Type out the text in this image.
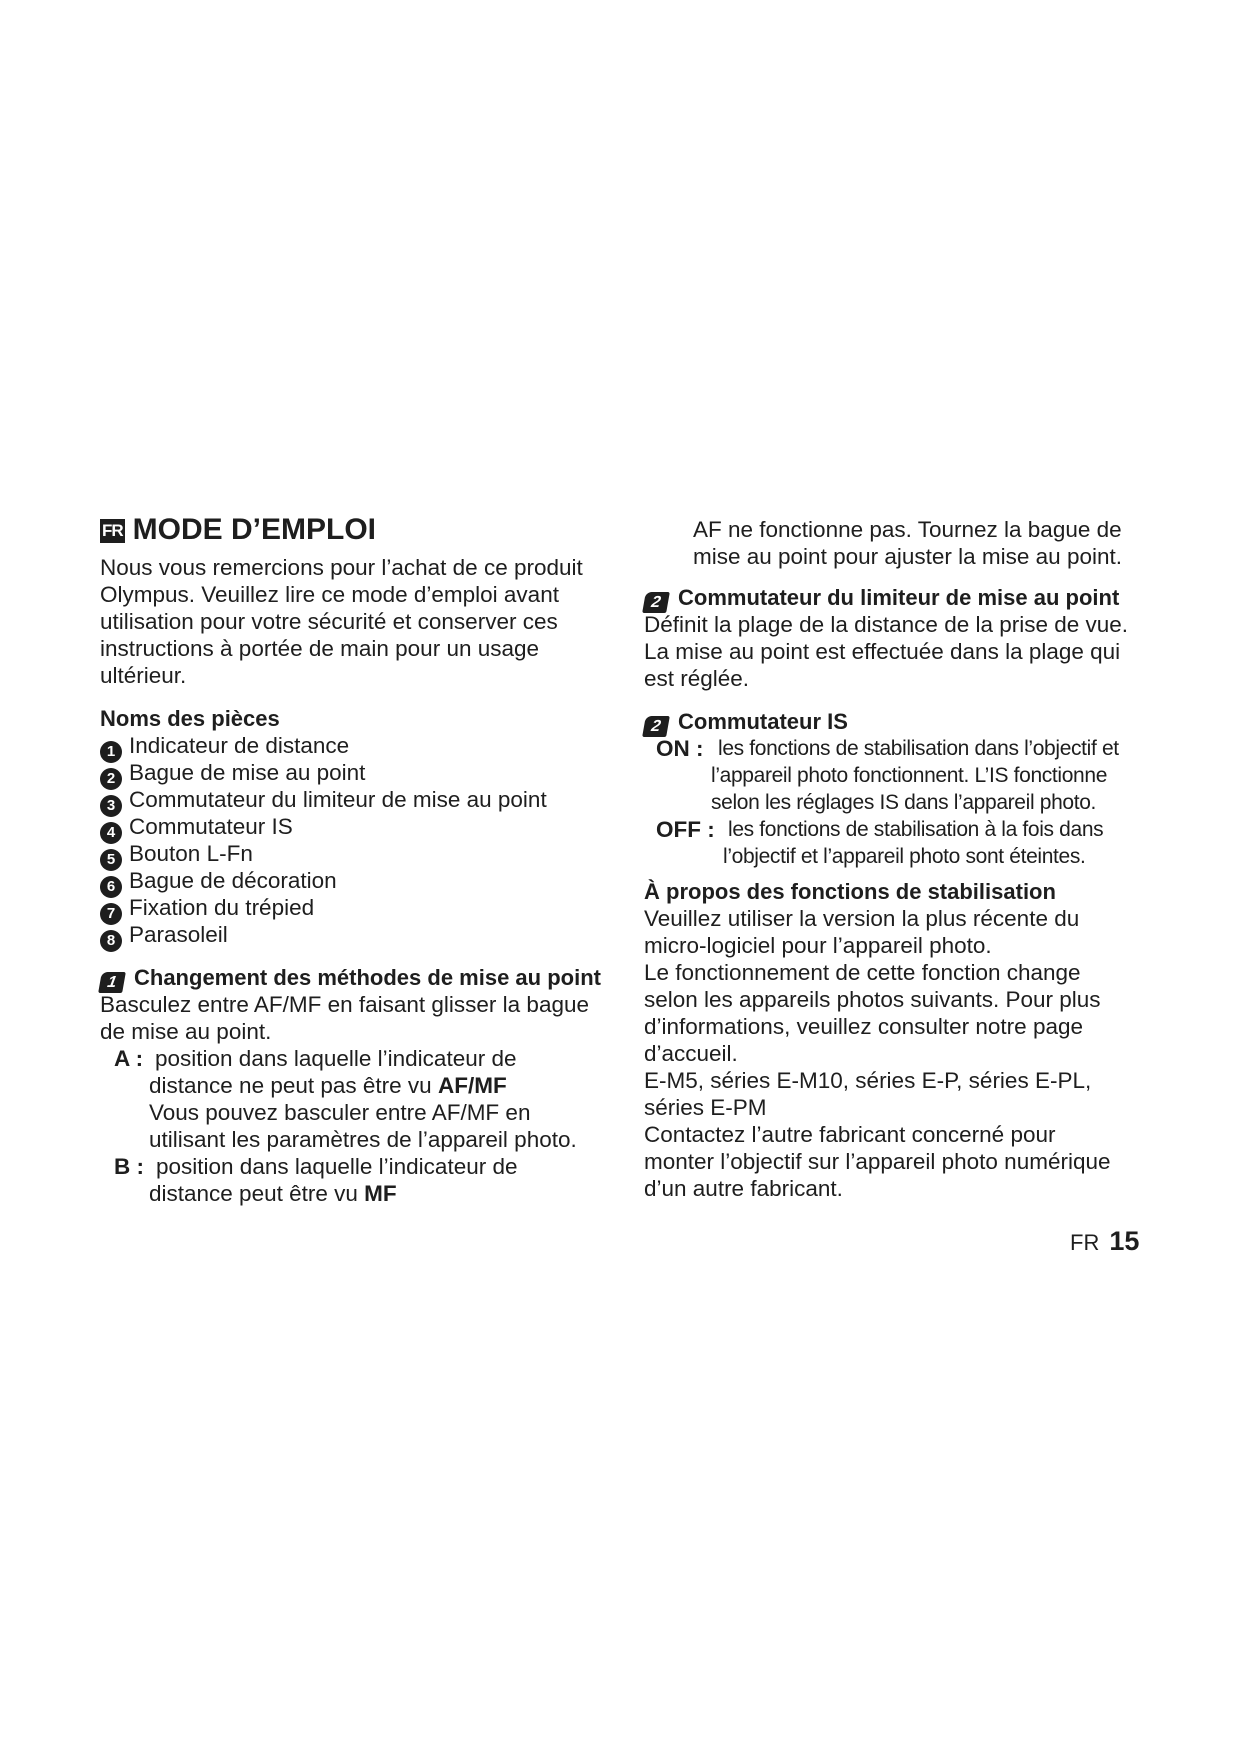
FR MODE D’EMPLOI
Nous vous remercions pour l’achat de ce produit
Olympus. Veuillez lire ce mode d’emploi avant
utilisation pour votre sécurité et conserver ces
instructions à portée de main pour un usage
ultérieur.
Noms des pièces
1 Indicateur de distance
2 Bague de mise au point
3 Commutateur du limiteur de mise au point
4 Commutateur IS
5 Bouton L-Fn
6 Bague de décoration
7 Fixation du trépied
8 Parasoleil
1 Changement des méthodes de mise au point
Basculez entre AF/MF en faisant glisser la bague
de mise au point.
A : position dans laquelle l’indicateur de
distance ne peut pas être vu AF/MF
Vous pouvez basculer entre AF/MF en
utilisant les paramètres de l’appareil photo.
B : position dans laquelle l’indicateur de
distance peut être vu MF
AF ne fonctionne pas. Tournez la bague de
mise au point pour ajuster la mise au point.
2 Commutateur du limiteur de mise au point
Définit la plage de la distance de la prise de vue.
La mise au point est effectuée dans la plage qui
est réglée.
2 Commutateur IS
ON : les fonctions de stabilisation dans l’objectif et
l’appareil photo fonctionnent. L’IS fonctionne
selon les réglages IS dans l’appareil photo.
OFF : les fonctions de stabilisation à la fois dans
l’objectif et l’appareil photo sont éteintes.
À propos des fonctions de stabilisation
Veuillez utiliser la version la plus récente du
micro-logiciel pour l’appareil photo.
Le fonctionnement de cette fonction change
selon les appareils photos suivants. Pour plus
d’informations, veuillez consulter notre page
d’accueil.
E-M5, séries E-M10, séries E-P, séries E-PL,
séries E-PM
Contactez l’autre fabricant concerné pour
monter l’objectif sur l’appareil photo numérique
d’un autre fabricant.
FR 15
